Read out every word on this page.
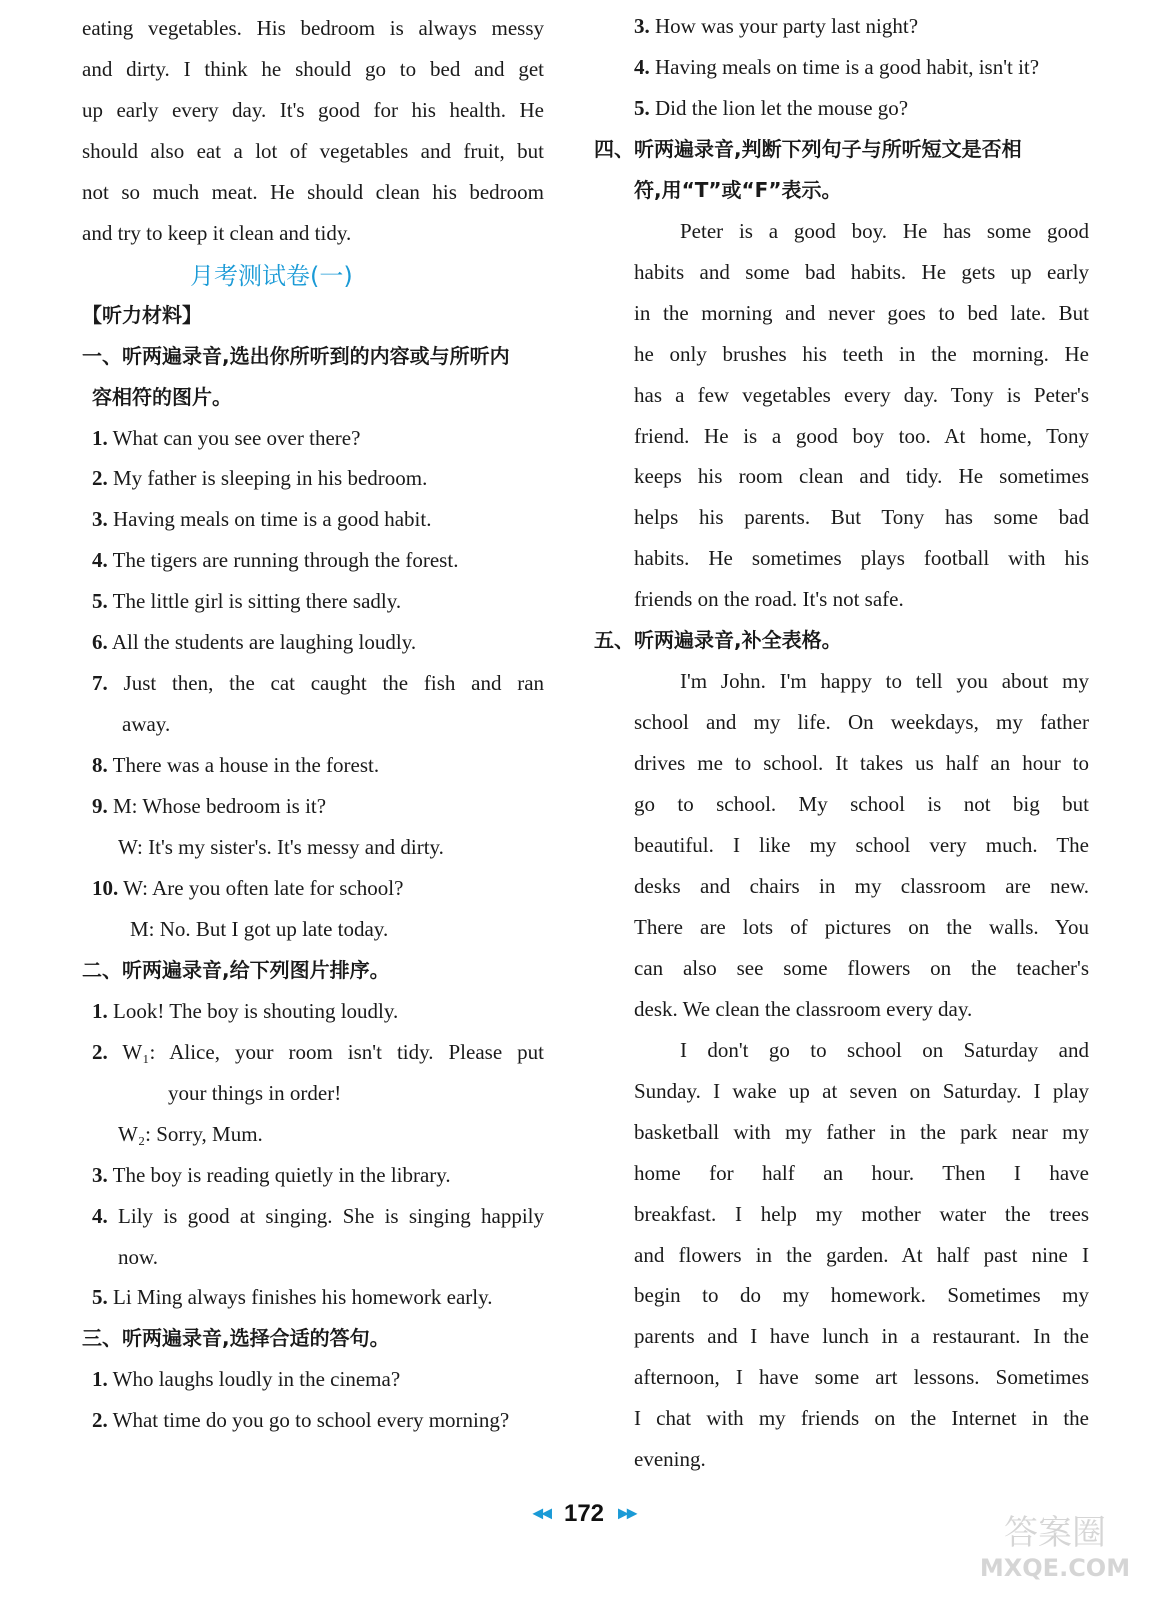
eating vegetables. His bedroom is always messy
and dirty. I think he should go to bed and get
up early every day. It's good for his health. He
should also eat a lot of vegetables and fruit, but
not so much meat. He should clean his bedroom
and try to keep it clean and tidy.
月考测试卷(一)
【听力材料】
一、听两遍录音,选出你所听到的内容或与所听内
容相符的图片。
1. What can you see over there?
2. My father is sleeping in his bedroom.
3. Having meals on time is a good habit.
4. The tigers are running through the forest.
5. The little girl is sitting there sadly.
6. All the students are laughing loudly.
7. Just then, the cat caught the fish and ran
away.
8. There was a house in the forest.
9. M: Whose bedroom is it?
W: It's my sister's. It's messy and dirty.
10. W: Are you often late for school?
M: No. But I got up late today.
二、听两遍录音,给下列图片排序。
1. Look! The boy is shouting loudly.
2. W₁: Alice, your room isn't tidy. Please put
your things in order!
W₂: Sorry, Mum.
3. The boy is reading quietly in the library.
4. Lily is good at singing. She is singing happily
now.
5. Li Ming always finishes his homework early.
三、听两遍录音,选择合适的答句。
1. Who laughs loudly in the cinema?
2. What time do you go to school every morning?
3. How was your party last night?
4. Having meals on time is a good habit, isn't it?
5. Did the lion let the mouse go?
四、听两遍录音,判断下列句子与所听短文是否相
符,用“T”或“F”表示。
Peter is a good boy. He has some good
habits and some bad habits. He gets up early
in the morning and never goes to bed late. But
he only brushes his teeth in the morning. He
has a few vegetables every day. Tony is Peter's
friend. He is a good boy too. At home, Tony
keeps his room clean and tidy. He sometimes
helps his parents. But Tony has some bad
habits. He sometimes plays football with his
friends on the road. It's not safe.
五、听两遍录音,补全表格。
I'm John. I'm happy to tell you about my
school and my life. On weekdays, my father
drives me to school. It takes us half an hour to
go to school. My school is not big but
beautiful. I like my school very much. The
desks and chairs in my classroom are new.
There are lots of pictures on the walls. You
can also see some flowers on the teacher's
desk. We clean the classroom every day.
I don't go to school on Saturday and
Sunday. I wake up at seven on Saturday. I play
basketball with my father in the park near my
home for half an hour. Then I have
breakfast. I help my mother water the trees
and flowers in the garden. At half past nine I
begin to do my homework. Sometimes my
parents and I have lunch in a restaurant. In the
afternoon, I have some art lessons. Sometimes
I chat with my friends on the Internet in the
evening.
◀◀ 172 ▶▶	答案圈
MXQE.COM
